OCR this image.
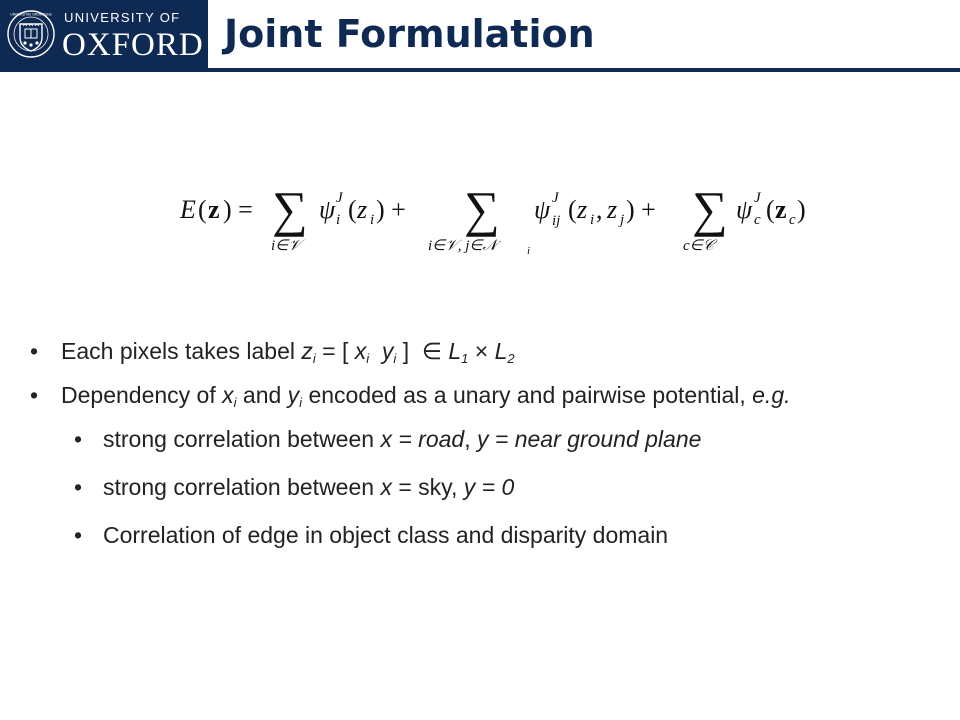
UNIVERSITAS OXONIENSIS UNIVERSITY OF
OXFORD Joint Formulation
E ( z ) = ∑
i∈𝒱
ψ J
i ( z i ) + ∑
i∈𝒱, j∈𝒩	i
ψ J
ij ( z i , z j ) + ∑
c∈𝒞
ψ J
c ( z c )
• Each pixels takes label $z_i$ = [ $x_i$ $y_i$ ] ∈ $L_1 \times L_2$
• Dependency of $x_i$ and $y_i$ encoded as a unary and pairwise potential, e.g.
• strong correlation between x = road, y = near ground plane
• strong correlation between x = sky, y = 0
• Correlation of edge in object class and disparity domain
